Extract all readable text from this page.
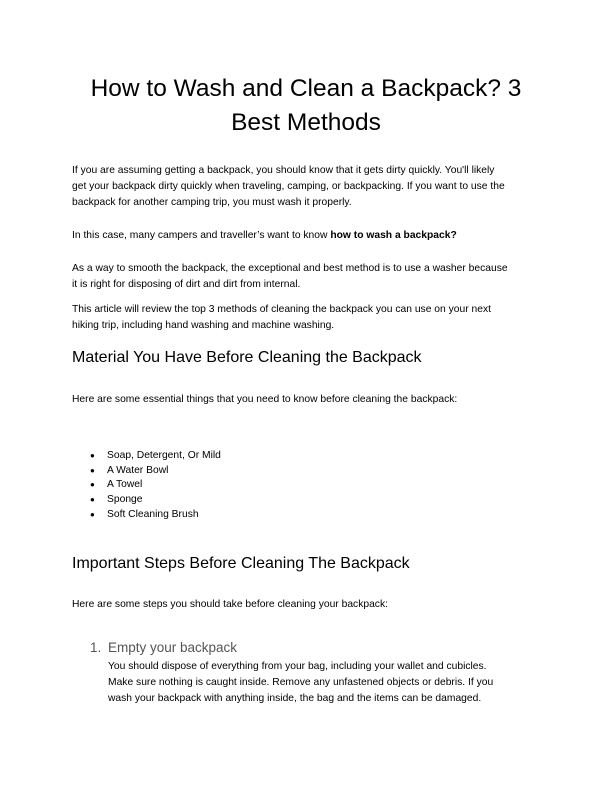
How to Wash and Clean a Backpack? 3
Best Methods
If you are assuming getting a backpack, you should know that it gets dirty quickly. You'll likely
get your backpack dirty quickly when traveling, camping, or backpacking. If you want to use the
backpack for another camping trip, you must wash it properly.
In this case, many campers and traveller’s want to know how to wash a backpack?
As a way to smooth the backpack, the exceptional and best method is to use a washer because
it is right for disposing of dirt and dirt from internal.
This article will review the top 3 methods of cleaning the backpack you can use on your next
hiking trip, including hand washing and machine washing.
Material You Have Before Cleaning the Backpack
Here are some essential things that you need to know before cleaning the backpack:
●	Soap, Detergent, Or Mild
●	A Water Bowl
●	A Towel
●	Sponge
●	Soft Cleaning Brush
Important Steps Before Cleaning The Backpack
Here are some steps you should take before cleaning your backpack:
1. Empty your backpack
You should dispose of everything from your bag, including your wallet and cubicles.
Make sure nothing is caught inside. Remove any unfastened objects or debris. If you
wash your backpack with anything inside, the bag and the items can be damaged.
